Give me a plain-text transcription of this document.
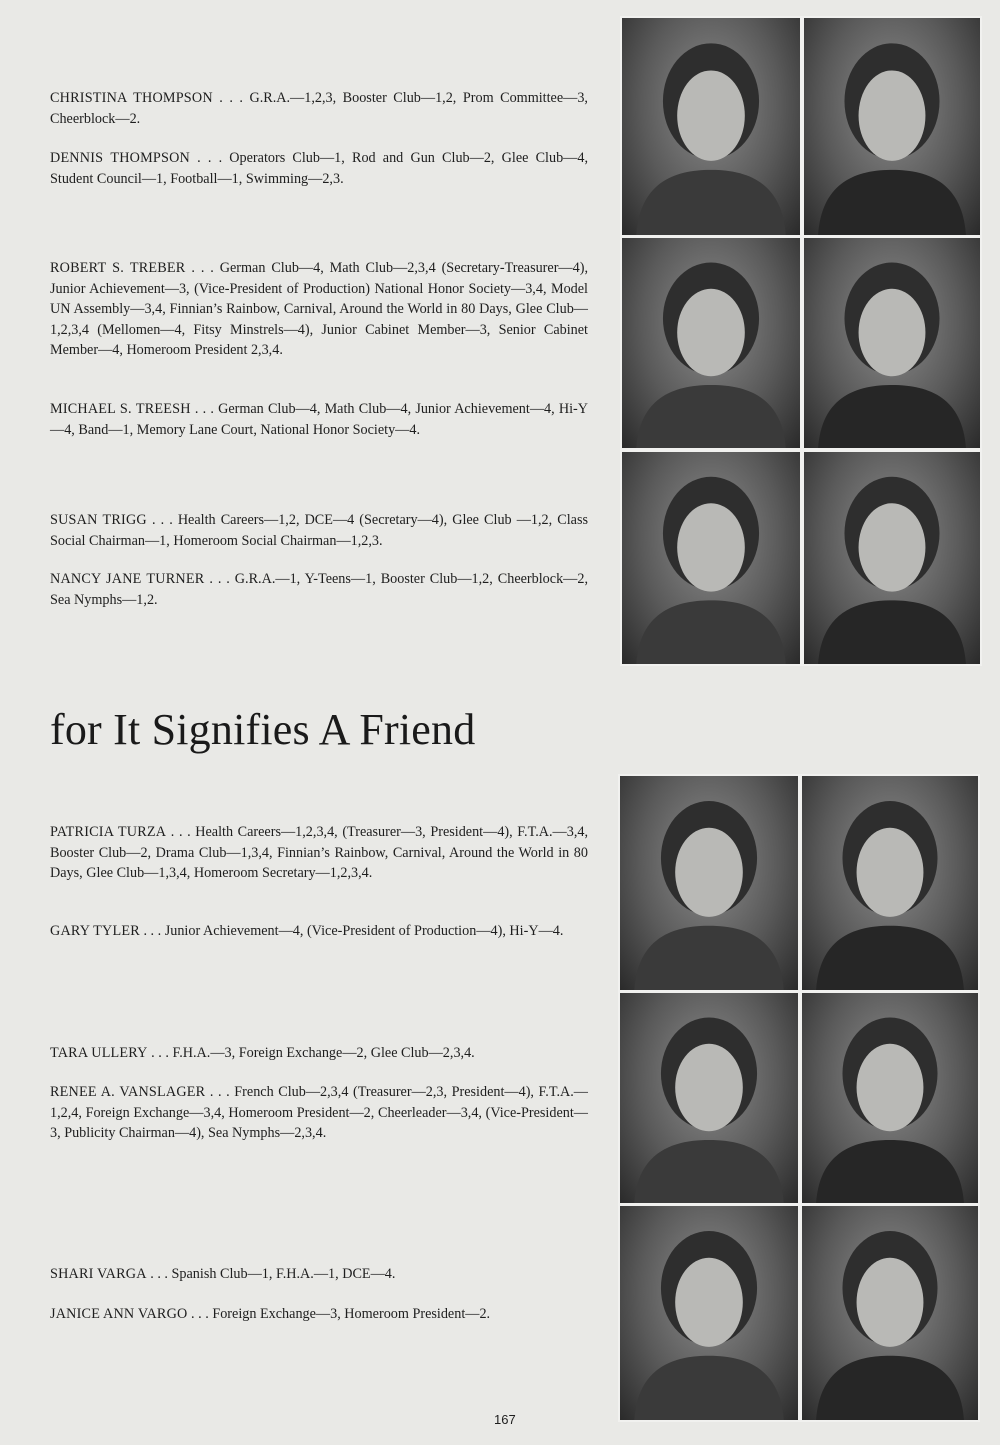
CHRISTINA THOMPSON . . . G.R.A.—1,2,3, Booster Club—1,2, Prom Committee—3, Cheerblock—2.
DENNIS THOMPSON . . . Operators Club—1, Rod and Gun Club—2, Glee Club—4, Student Council—1, Football—1, Swimming—2,3.
ROBERT S. TREBER . . . German Club—4, Math Club—2,3,4 (Secretary-Treasurer—4), Junior Achievement—3, (Vice-President of Production) National Honor Society—3,4, Model UN Assembly—3,4, Finnian’s Rainbow, Carnival, Around the World in 80 Days, Glee Club—1,2,3,4 (Mellomen—4, Fitsy Minstrels—4), Junior Cabinet Member—3, Senior Cabinet Member—4, Homeroom President 2,3,4.
MICHAEL S. TREESH . . . German Club—4, Math Club—4, Junior Achievement—4, Hi-Y—4, Band—1, Memory Lane Court, National Honor Society—4.
SUSAN TRIGG . . . Health Careers—1,2, DCE—4 (Secretary—4), Glee Club —1,2, Class Social Chairman—1, Homeroom Social Chairman—1,2,3.
NANCY JANE TURNER . . . G.R.A.—1, Y-Teens—1, Booster Club—1,2, Cheerblock—2, Sea Nymphs—1,2.
for It Signifies A Friend
PATRICIA TURZA . . . Health Careers—1,2,3,4, (Treasurer—3, President—4), F.T.A.—3,4, Booster Club—2, Drama Club—1,3,4, Finnian’s Rainbow, Carnival, Around the World in 80 Days, Glee Club—1,3,4, Homeroom Secretary—1,2,3,4.
GARY TYLER . . . Junior Achievement—4, (Vice-President of Production—4), Hi-Y—4.
TARA ULLERY . . . F.H.A.—3, Foreign Exchange—2, Glee Club—2,3,4.
RENEE A. VANSLAGER . . . French Club—2,3,4 (Treasurer—2,3, President—4), F.T.A.—1,2,4, Foreign Exchange—3,4, Homeroom President—2, Cheerleader—3,4, (Vice-President—3, Publicity Chairman—4), Sea Nymphs—2,3,4.
SHARI VARGA . . . Spanish Club—1, F.H.A.—1, DCE—4.
JANICE ANN VARGO . . . Foreign Exchange—3, Homeroom President—2.
167
